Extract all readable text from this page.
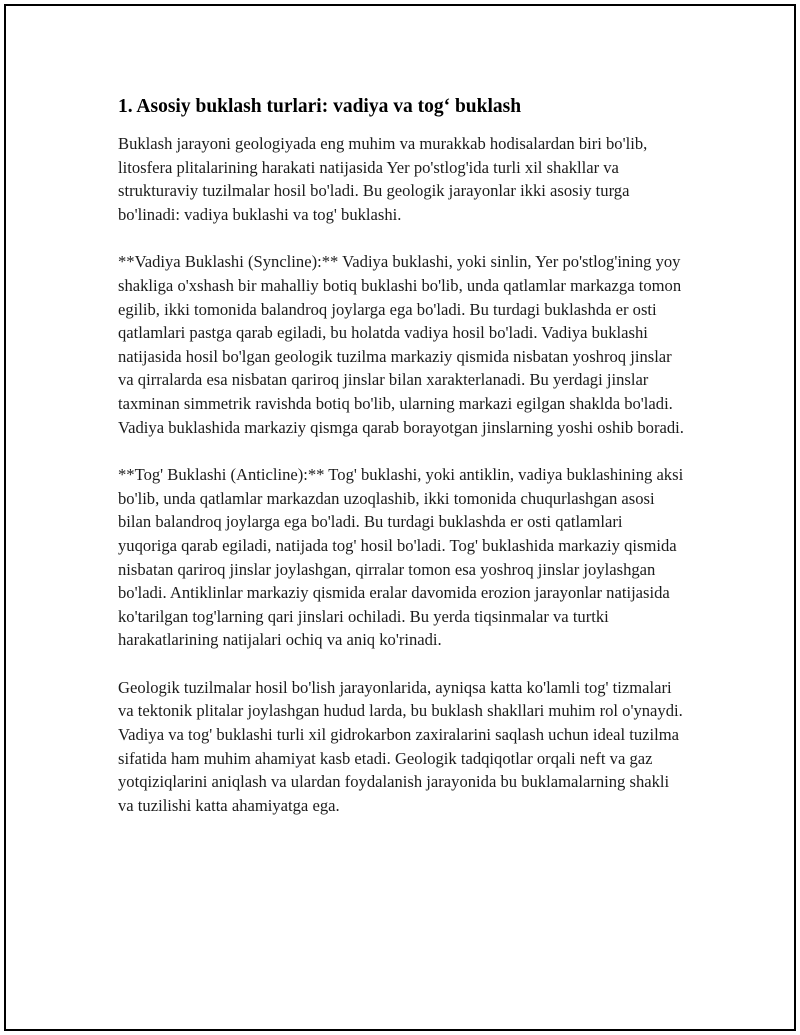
1. Asosiy buklash turlari: vadiya va tog‘ buklash

Buklash jarayoni geologiyada eng muhim va murakkab hodisalardan biri bo'lib, litosfera plitalarining harakati natijasida Yer po'stlog'ida turli xil shakllar va strukturaviy tuzilmalar hosil bo'ladi. Bu geologik jarayonlar ikki asosiy turga bo'linadi: vadiya buklashi va tog' buklashi.

**Vadiya Buklashi (Syncline):** Vadiya buklashi, yoki sinlin, Yer po'stlog'ining yoy shakliga o'xshash bir mahalliy botiq buklashi bo'lib, unda qatlamlar markazga tomon egilib, ikki tomonida balandroq joylarga ega bo'ladi. Bu turdagi buklashda er osti qatlamlari pastga qarab egiladi, bu holatda vadiya hosil bo'ladi. Vadiya buklashi natijasida hosil bo'lgan geologik tuzilma markaziy qismida nisbatan yoshroq jinslar va qirralarda esa nisbatan qariroq jinslar bilan xarakterlanadi. Bu yerdagi jinslar taxminan simmetrik ravishda botiq bo'lib, ularning markazi egilgan shaklda bo'ladi. Vadiya buklashida markaziy qismga qarab borayotgan jinslarning yoshi oshib boradi.

**Tog' Buklashi (Anticline):** Tog' buklashi, yoki antiklin, vadiya buklashining aksi bo'lib, unda qatlamlar markazdan uzoqlashib, ikki tomonida chuqurlashgan asosi bilan balandroq joylarga ega bo'ladi. Bu turdagi buklashda er osti qatlamlari yuqoriga qarab egiladi, natijada tog' hosil bo'ladi. Tog' buklashida markaziy qismida nisbatan qariroq jinslar joylashgan, qirralar tomon esa yoshroq jinslar joylashgan bo'ladi. Antiklinlar markaziy qismida eralar davomida erozion jarayonlar natijasida ko'tarilgan tog'larning qari jinslari ochiladi. Bu yerda tiqsinmalar va turtki harakatlarining natijalari ochiq va aniq ko'rinadi.

Geologik tuzilmalar hosil bo'lish jarayonlarida, ayniqsa katta ko'lamli tog' tizmalari va tektonik plitalar joylashgan hudud larda, bu buklash shakllari muhim rol o'ynaydi. Vadiya va tog' buklashi turli xil gidrokarbon zaxiralarini saqlash uchun ideal tuzilma sifatida ham muhim ahamiyat kasb etadi. Geologik tadqiqotlar orqali neft va gaz yotqiziqlarini aniqlash va ulardan foydalanish jarayonida bu buklamalarning shakli va tuzilishi katta ahamiyatga ega.
